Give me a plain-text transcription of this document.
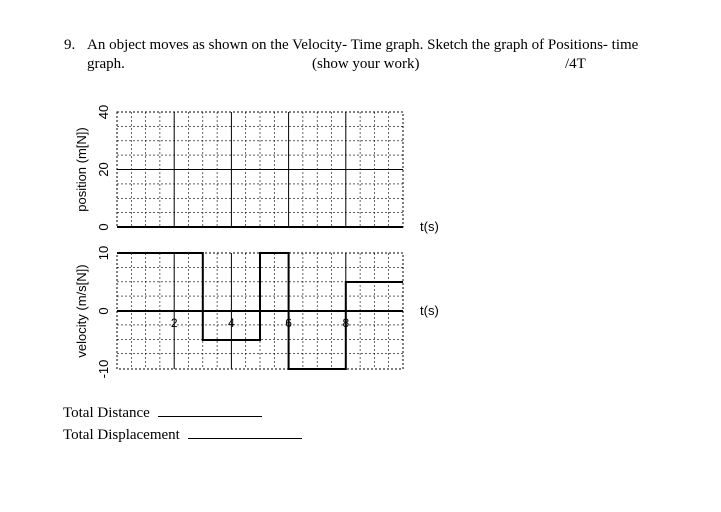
9. An object moves as shown on the Velocity- Time graph. Sketch the graph of Positions- time
graph.	(show your work)	/4T
position (m[N])
t(s)
40
20
0
velocity (m/s[N])	t(s)
10
0
-10
2	4	6	8
Total Distance
Total Displacement
